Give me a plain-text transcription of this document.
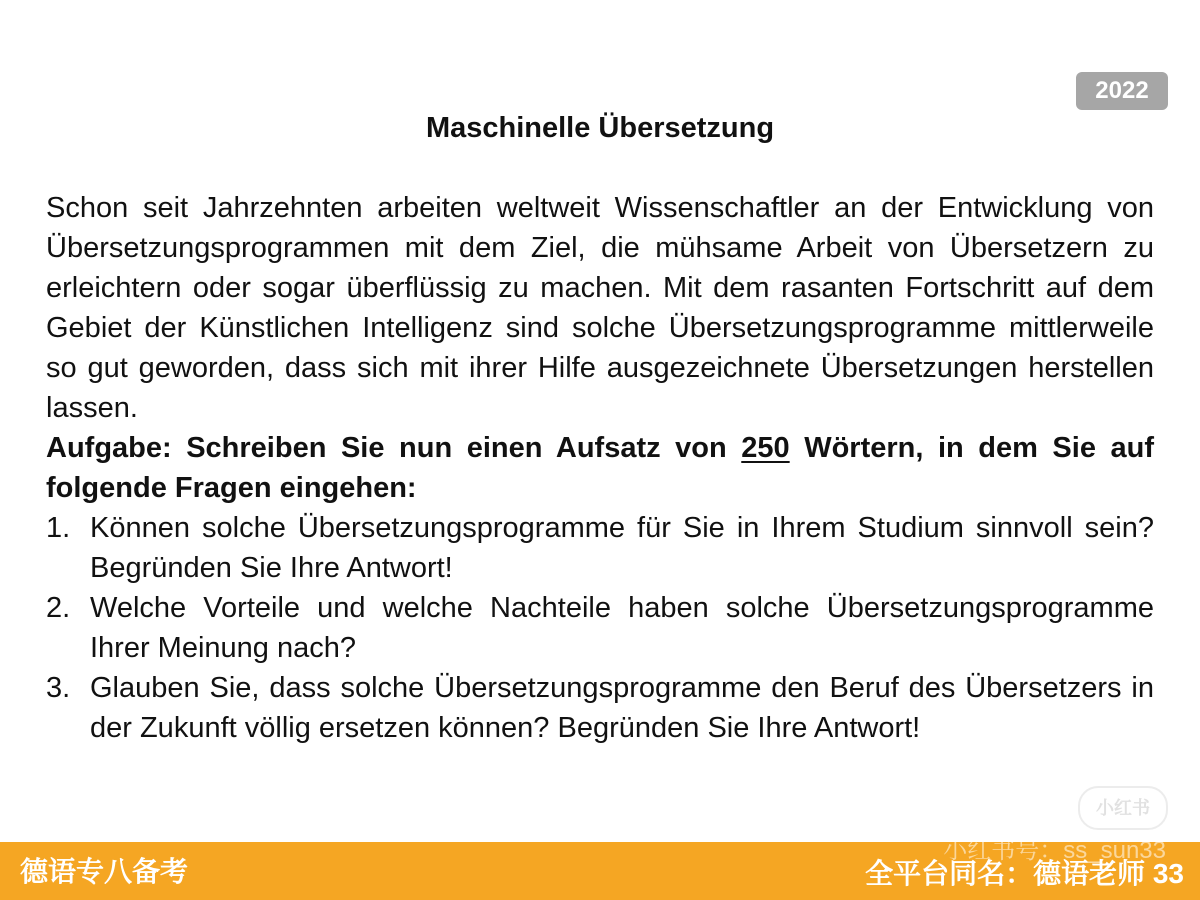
2022
Maschinelle Übersetzung

Schon seit Jahrzehnten arbeiten weltweit Wissenschaftler an der Entwicklung von Übersetzungsprogrammen mit dem Ziel, die mühsame Arbeit von Übersetzern zu erleichtern oder sogar überflüssig zu machen. Mit dem rasanten Fortschritt auf dem Gebiet der Künstlichen Intelligenz sind solche Übersetzungsprogramme mittlerweile so gut geworden, dass sich mit ihrer Hilfe ausgezeichnete Übersetzungen herstellen lassen.

Aufgabe: Schreiben Sie nun einen Aufsatz von 250 Wörtern, in dem Sie auf folgende Fragen eingehen:

1. Können solche Übersetzungsprogramme für Sie in Ihrem Studium sinnvoll sein? Begründen Sie Ihre Antwort!
2. Welche Vorteile und welche Nachteile haben solche Übersetzungsprogramme Ihrer Meinung nach?
3. Glauben Sie, dass solche Übersetzungsprogramme den Beruf des Übersetzers in der Zukunft völlig ersetzen können? Begründen Sie Ihre Antwort!
小红书
德语专八备考	全平台同名：德语老师 33
小红书号：ss_sun33
